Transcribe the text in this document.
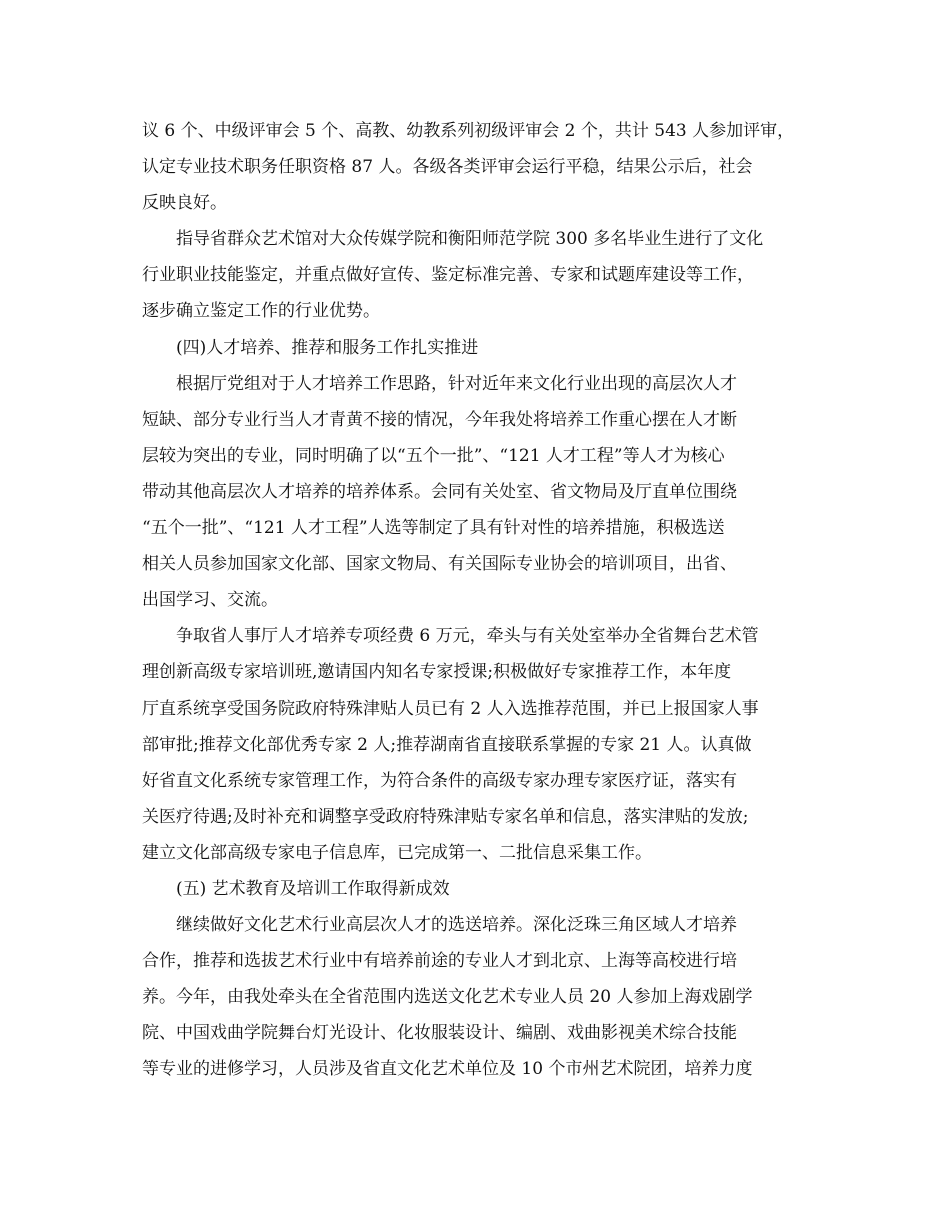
议 6 个、中级评审会 5 个、高教、幼教系列初级评审会 2 个，共计 543 人参加评审，
认定专业技术职务任职资格 87 人。各级各类评审会运行平稳，结果公示后，社会
反映良好。
指导省群众艺术馆对大众传媒学院和衡阳师范学院 300 多名毕业生进行了文化
行业职业技能鉴定，并重点做好宣传、鉴定标准完善、专家和试题库建设等工作，
逐步确立鉴定工作的行业优势。
(四)人才培养、推荐和服务工作扎实推进
根据厅党组对于人才培养工作思路，针对近年来文化行业出现的高层次人才
短缺、部分专业行当人才青黄不接的情况，今年我处将培养工作重心摆在人才断
层较为突出的专业，同时明确了以“五个一批”、“121 人才工程”等人才为核心
带动其他高层次人才培养的培养体系。会同有关处室、省文物局及厅直单位围绕
“五个一批”、“121 人才工程”人选等制定了具有针对性的培养措施，积极选送
相关人员参加国家文化部、国家文物局、有关国际专业协会的培训项目，出省、
出国学习、交流。
争取省人事厅人才培养专项经费 6 万元，牵头与有关处室举办全省舞台艺术管
理创新高级专家培训班,邀请国内知名专家授课;积极做好专家推荐工作，本年度
厅直系统享受国务院政府特殊津贴人员已有 2 人入选推荐范围，并已上报国家人事
部审批;推荐文化部优秀专家 2 人;推荐湖南省直接联系掌握的专家 21 人。认真做
好省直文化系统专家管理工作，为符合条件的高级专家办理专家医疗证，落实有
关医疗待遇;及时补充和调整享受政府特殊津贴专家名单和信息，落实津贴的发放;
建立文化部高级专家电子信息库，已完成第一、二批信息采集工作。
(五) 艺术教育及培训工作取得新成效
继续做好文化艺术行业高层次人才的选送培养。深化泛珠三角区域人才培养
合作，推荐和选拔艺术行业中有培养前途的专业人才到北京、上海等高校进行培
养。今年，由我处牵头在全省范围内选送文化艺术专业人员 20 人参加上海戏剧学
院、中国戏曲学院舞台灯光设计、化妆服装设计、编剧、戏曲影视美术综合技能
等专业的进修学习，人员涉及省直文化艺术单位及 10 个市州艺术院团，培养力度
